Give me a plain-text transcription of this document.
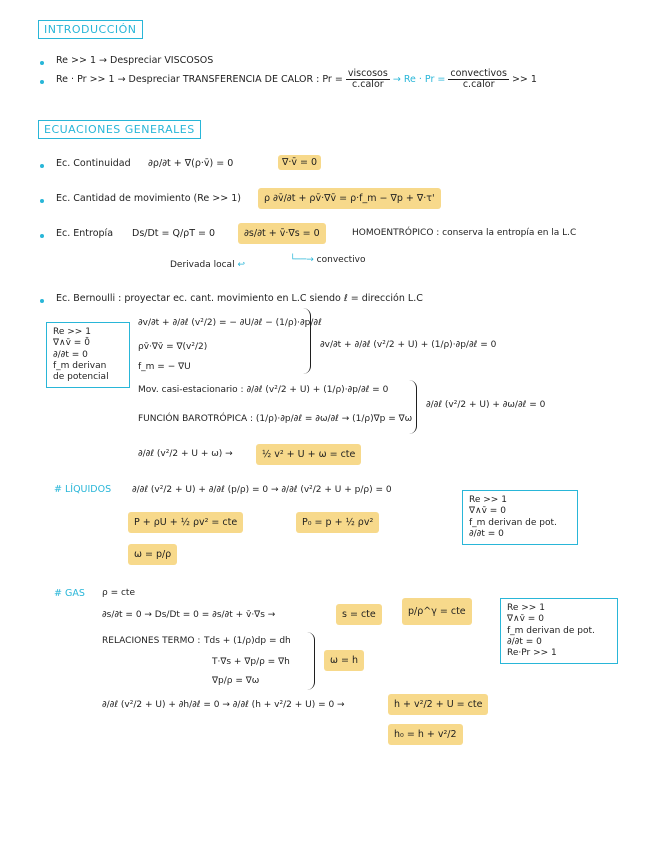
INTRODUCCIÓN
Re >> 1 → Despreciar VISCOSOS
Re · Pr >> 1 → Despreciar TRANSFERENCIA DE CALOR : $Pr = \frac{\text{viscosos}}{\text{c.calor}} \to Re \cdot Pr = \frac{\text{convectivos}}{\text{c.calor}} >> 1$
ECUACIONES GENERALES
Ec. Continuidad ∂ρ/∂t + ∇(ρ·v̄) = 0	∇·v̄ = 0
Ec. Cantidad de movimiento (Re >> 1)	ρ ∂v̄/∂t + ρv̄·∇v̄ = ρ·f_m − ∇p + ∇·τ'
Ec. Entropía Ds/Dt = Q/ρT = 0	∂s/∂t + v̄·∇s = 0	HOMOENTRÓPICO : conserva la entropía en la L.C
Derivada local ↩	└──→ convectivo
Ec. Bernoulli : proyectar ec. cant. movimiento en L.C siendo ℓ = dirección L.C
Re >> 1
∇∧v̄ = 0̄
∂/∂t = 0
f_m derivan
de potencial
∂v/∂t + ∂/∂ℓ (v²/2) = − ∂U/∂ℓ − (1/ρ)·∂p/∂ℓ
ρv̄·∇v̄ = ∇(v²/2)
f_m = − ∇U
∂v/∂t + ∂/∂ℓ (v²/2 + U) + (1/ρ)·∂p/∂ℓ = 0
Mov. casi-estacionario : ∂/∂ℓ (v²/2 + U) + (1/ρ)·∂p/∂ℓ = 0
FUNCIÓN BAROTRÓPICA : (1/ρ)·∂p/∂ℓ = ∂ω/∂ℓ → (1/ρ)∇p = ∇ω
∂/∂ℓ (v²/2 + U) + ∂ω/∂ℓ = 0
∂/∂ℓ (v²/2 + U + ω) →	½ v² + U + ω = cte
# LÍQUIDOS ∂/∂ℓ (v²/2 + U) + ∂/∂ℓ (p/ρ) = 0 → ∂/∂ℓ (v²/2 + U + p/ρ) = 0
P + ρU + ½ ρv² = cte	P₀ = p + ½ ρv²
ω = p/ρ
Re >> 1
∇∧v̄ = 0
f_m derivan de pot.
∂/∂t = 0
# GAS ρ = cte
∂s/∂t = 0 → Ds/Dt = 0 = ∂s/∂t + v̄·∇s →	s = cte	p/ρ^γ = cte
RELACIONES TERMO : Tds + (1/ρ)dp = dh
T·∇s + ∇p/ρ = ∇h
∇p/ρ = ∇ω
ω = h
∂/∂ℓ (v²/2 + U) + ∂h/∂ℓ = 0 → ∂/∂ℓ (h + v²/2 + U) = 0 →	h + v²/2 + U = cte
h₀ = h + v²/2
Re >> 1
∇∧v̄ = 0
f_m derivan de pot.
∂/∂t = 0
Re·Pr >> 1
